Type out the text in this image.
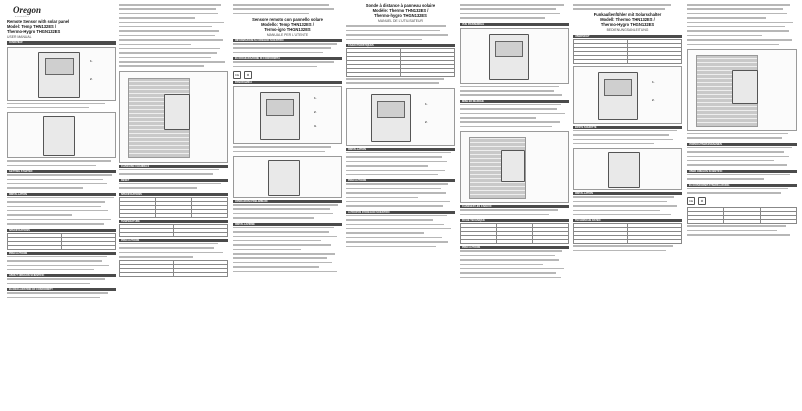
Oregon
scientific
Remote Sensor with solar panel
Model: Temp THN132ES /
Thermo-Hygro THGN132ES
USER MANUAL
OVERVIEW
1.
2.
GETTING STARTED
INSTALLATION
SPECIFICATIONS

PRECAUTIONS
ABOUT OREGON SCIENTIFIC
EU-DECLARATION OF CONFORMITY
CHANGING CHANNELS
RESET
SPECIFICATIONS

TEMPERATURE

PRECAUTIONS

Sensore remoto con pannello solare
Modello: Temp THN132ES /
Termo-igro THGN132ES
MANUALE PER L'UTENTE
INFORMAZIONI SU OREGON SCIENTIFIC
EU-DICHIARAZIONE DI CONFORMITÀ
CE	♻
PANORAMICA
1.
2.
3.
OPERAZIONI PRELIMINARI
INSTALLAZIONE
Sonde à distance à panneau solaire
Modèle: Thermo THN132ES /
Thermo-hygro THGN132ES
MANUEL DE L'UTILISATEUR
CARACTÉRISTIQUES

1.
2.
INSTALLATION
PRÉCAUTIONS
À PROPOS D'OREGON SCIENTIFIC
VUE D'ENSEMBLE
MISE EN MARCHE
CHANGER LES CANAUX
FICHE TECHNIQUE

PRÉCAUTIONS
Funkaußenfühler mit Solarschalter
Modell: Thermo THN132ES /
Thermo-Hygro THGN132ES
BEDIENUNGSANLEITUNG
ÜBERSICHT

1.
2.
ERSTE SCHRITTE
INSTALLATION
TECHNISCHE DATEN

VORSICHTSMASSNAHMEN
ÜBER OREGON SCIENTIFIC
EU-KONFORMITÄTSERKLÄRUNG
CE	♻
